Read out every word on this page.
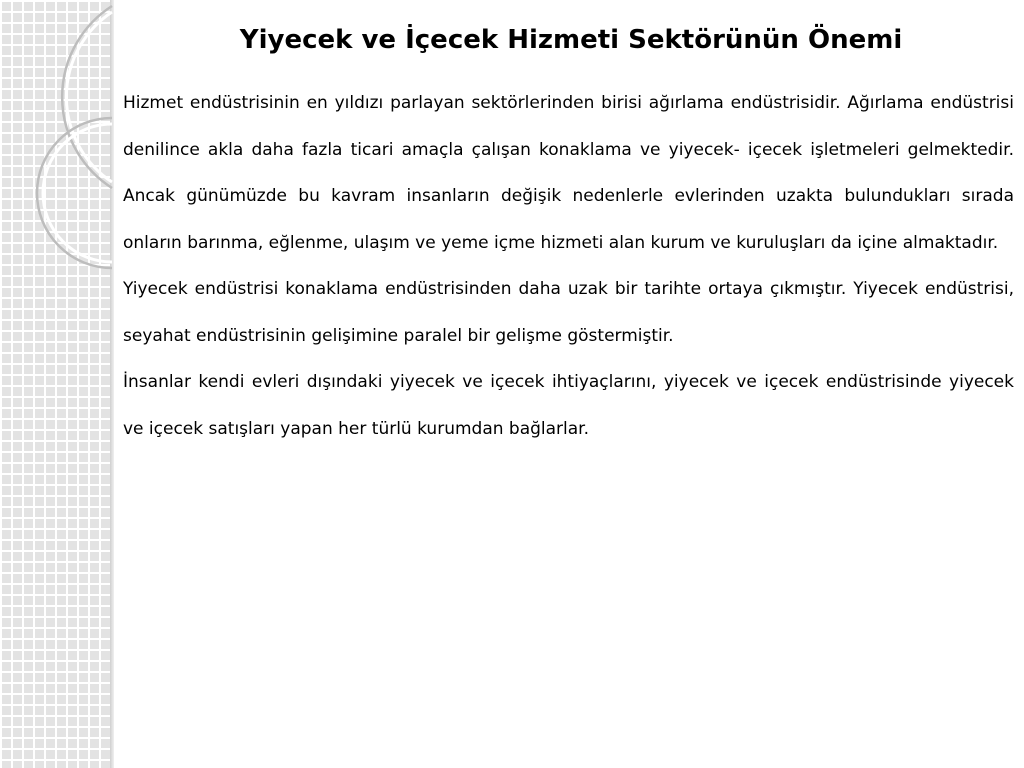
Yiyecek ve İçecek Hizmeti Sektörünün Önemi

Hizmet endüstrisinin en yıldızı parlayan sektörlerinden birisi ağırlama endüstrisidir. Ağırlama endüstrisi denilince akla daha fazla ticari amaçla çalışan konaklama ve yiyecek- içecek işletmeleri gelmektedir. Ancak günümüzde bu kavram insanların değişik nedenlerle evlerinden uzakta bulundukları sırada onların barınma, eğlenme, ulaşım ve yeme içme hizmeti alan kurum ve kuruluşları da içine almaktadır.

Yiyecek endüstrisi konaklama endüstrisinden daha uzak bir tarihte ortaya çıkmıştır. Yiyecek endüstrisi, seyahat endüstrisinin gelişimine paralel bir gelişme göstermiştir.

İnsanlar kendi evleri dışındaki yiyecek ve içecek ihtiyaçlarını, yiyecek ve içecek endüstrisinde yiyecek ve içecek satışları yapan her türlü kurumdan bağlarlar.
